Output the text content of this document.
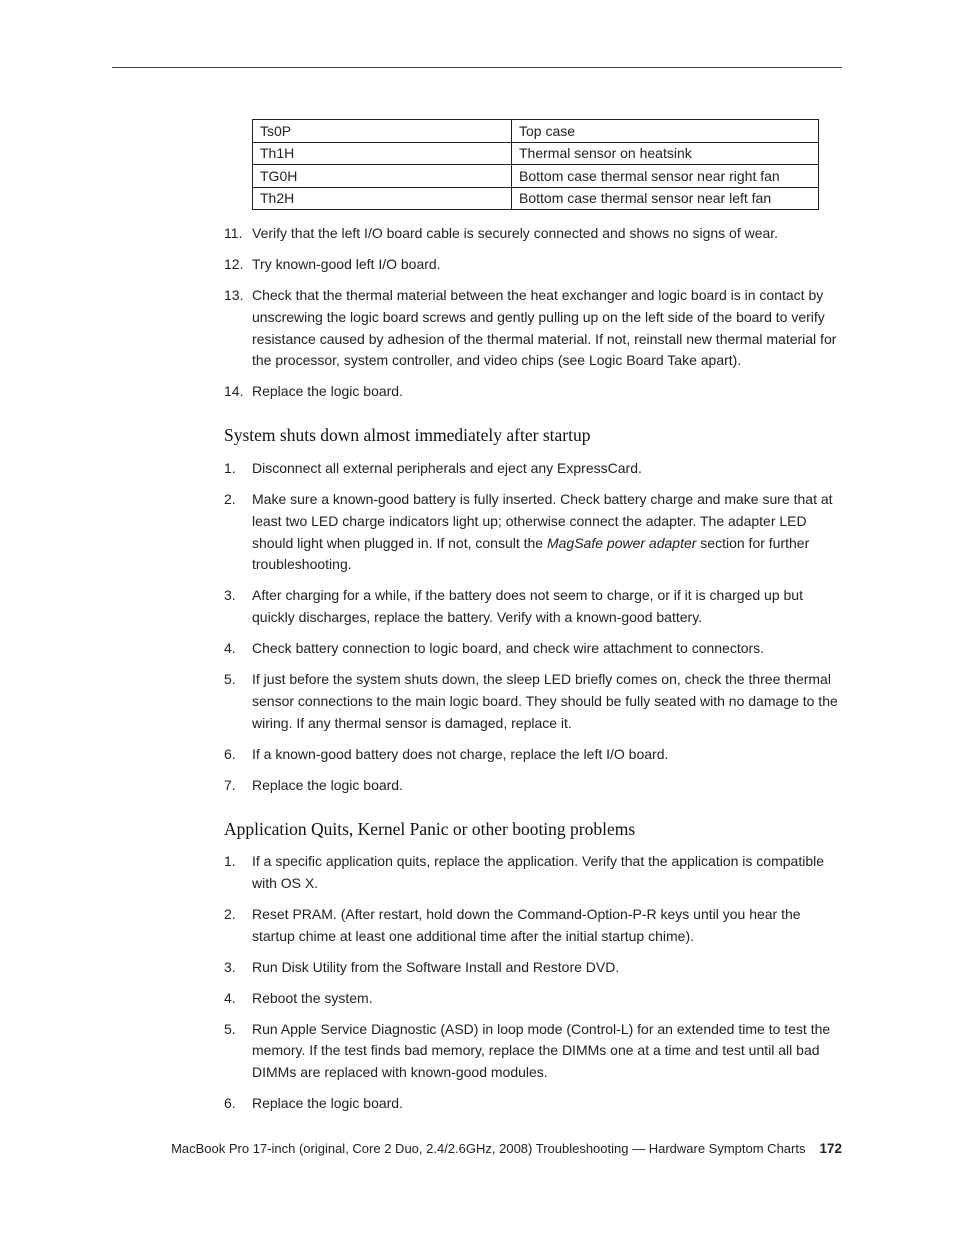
Ts0P	Top case
Th1H	Thermal sensor on heatsink
TG0H	Bottom case thermal sensor near right fan
Th2H	Bottom case thermal sensor near left fan
11. Verify that the left I/O board cable is securely connected and shows no signs of wear.
12. Try known-good left I/O board.
13. Check that the thermal material between the heat exchanger and logic board is in contact by unscrewing the logic board screws and gently pulling up on the left side of the board to verify resistance caused by adhesion of the thermal material. If not, reinstall new thermal material for the processor, system controller, and video chips (see Logic Board Take apart).
14. Replace the logic board.
System shuts down almost immediately after startup
1. Disconnect all external peripherals and eject any ExpressCard.
2. Make sure a known-good battery is fully inserted. Check battery charge and make sure that at least two LED charge indicators light up; otherwise connect the adapter. The adapter LED should light when plugged in. If not, consult the MagSafe power adapter section for further troubleshooting.
3. After charging for a while, if the battery does not seem to charge, or if it is charged up but quickly discharges, replace the battery. Verify with a known-good battery.
4. Check battery connection to logic board, and check wire attachment to connectors.
5. If just before the system shuts down, the sleep LED briefly comes on, check the three thermal sensor connections to the main logic board. They should be fully seated with no damage to the wiring. If any thermal sensor is damaged, replace it.
6. If a known-good battery does not charge, replace the left I/O board.
7. Replace the logic board.
Application Quits, Kernel Panic or other booting problems
1. If a specific application quits, replace the application. Verify that the application is compatible with OS X.
2. Reset PRAM. (After restart, hold down the Command-Option-P-R keys until you hear the startup chime at least one additional time after the initial startup chime).
3. Run Disk Utility from the Software Install and Restore DVD.
4. Reboot the system.
5. Run Apple Service Diagnostic (ASD) in loop mode (Control-L) for an extended time to test the memory. If the test finds bad memory, replace the DIMMs one at a time and test until all bad DIMMs are replaced with known-good modules.
6. Replace the logic board.
MacBook Pro 17-inch (original, Core 2 Duo, 2.4/2.6GHz, 2008) Troubleshooting — Hardware Symptom Charts 172
